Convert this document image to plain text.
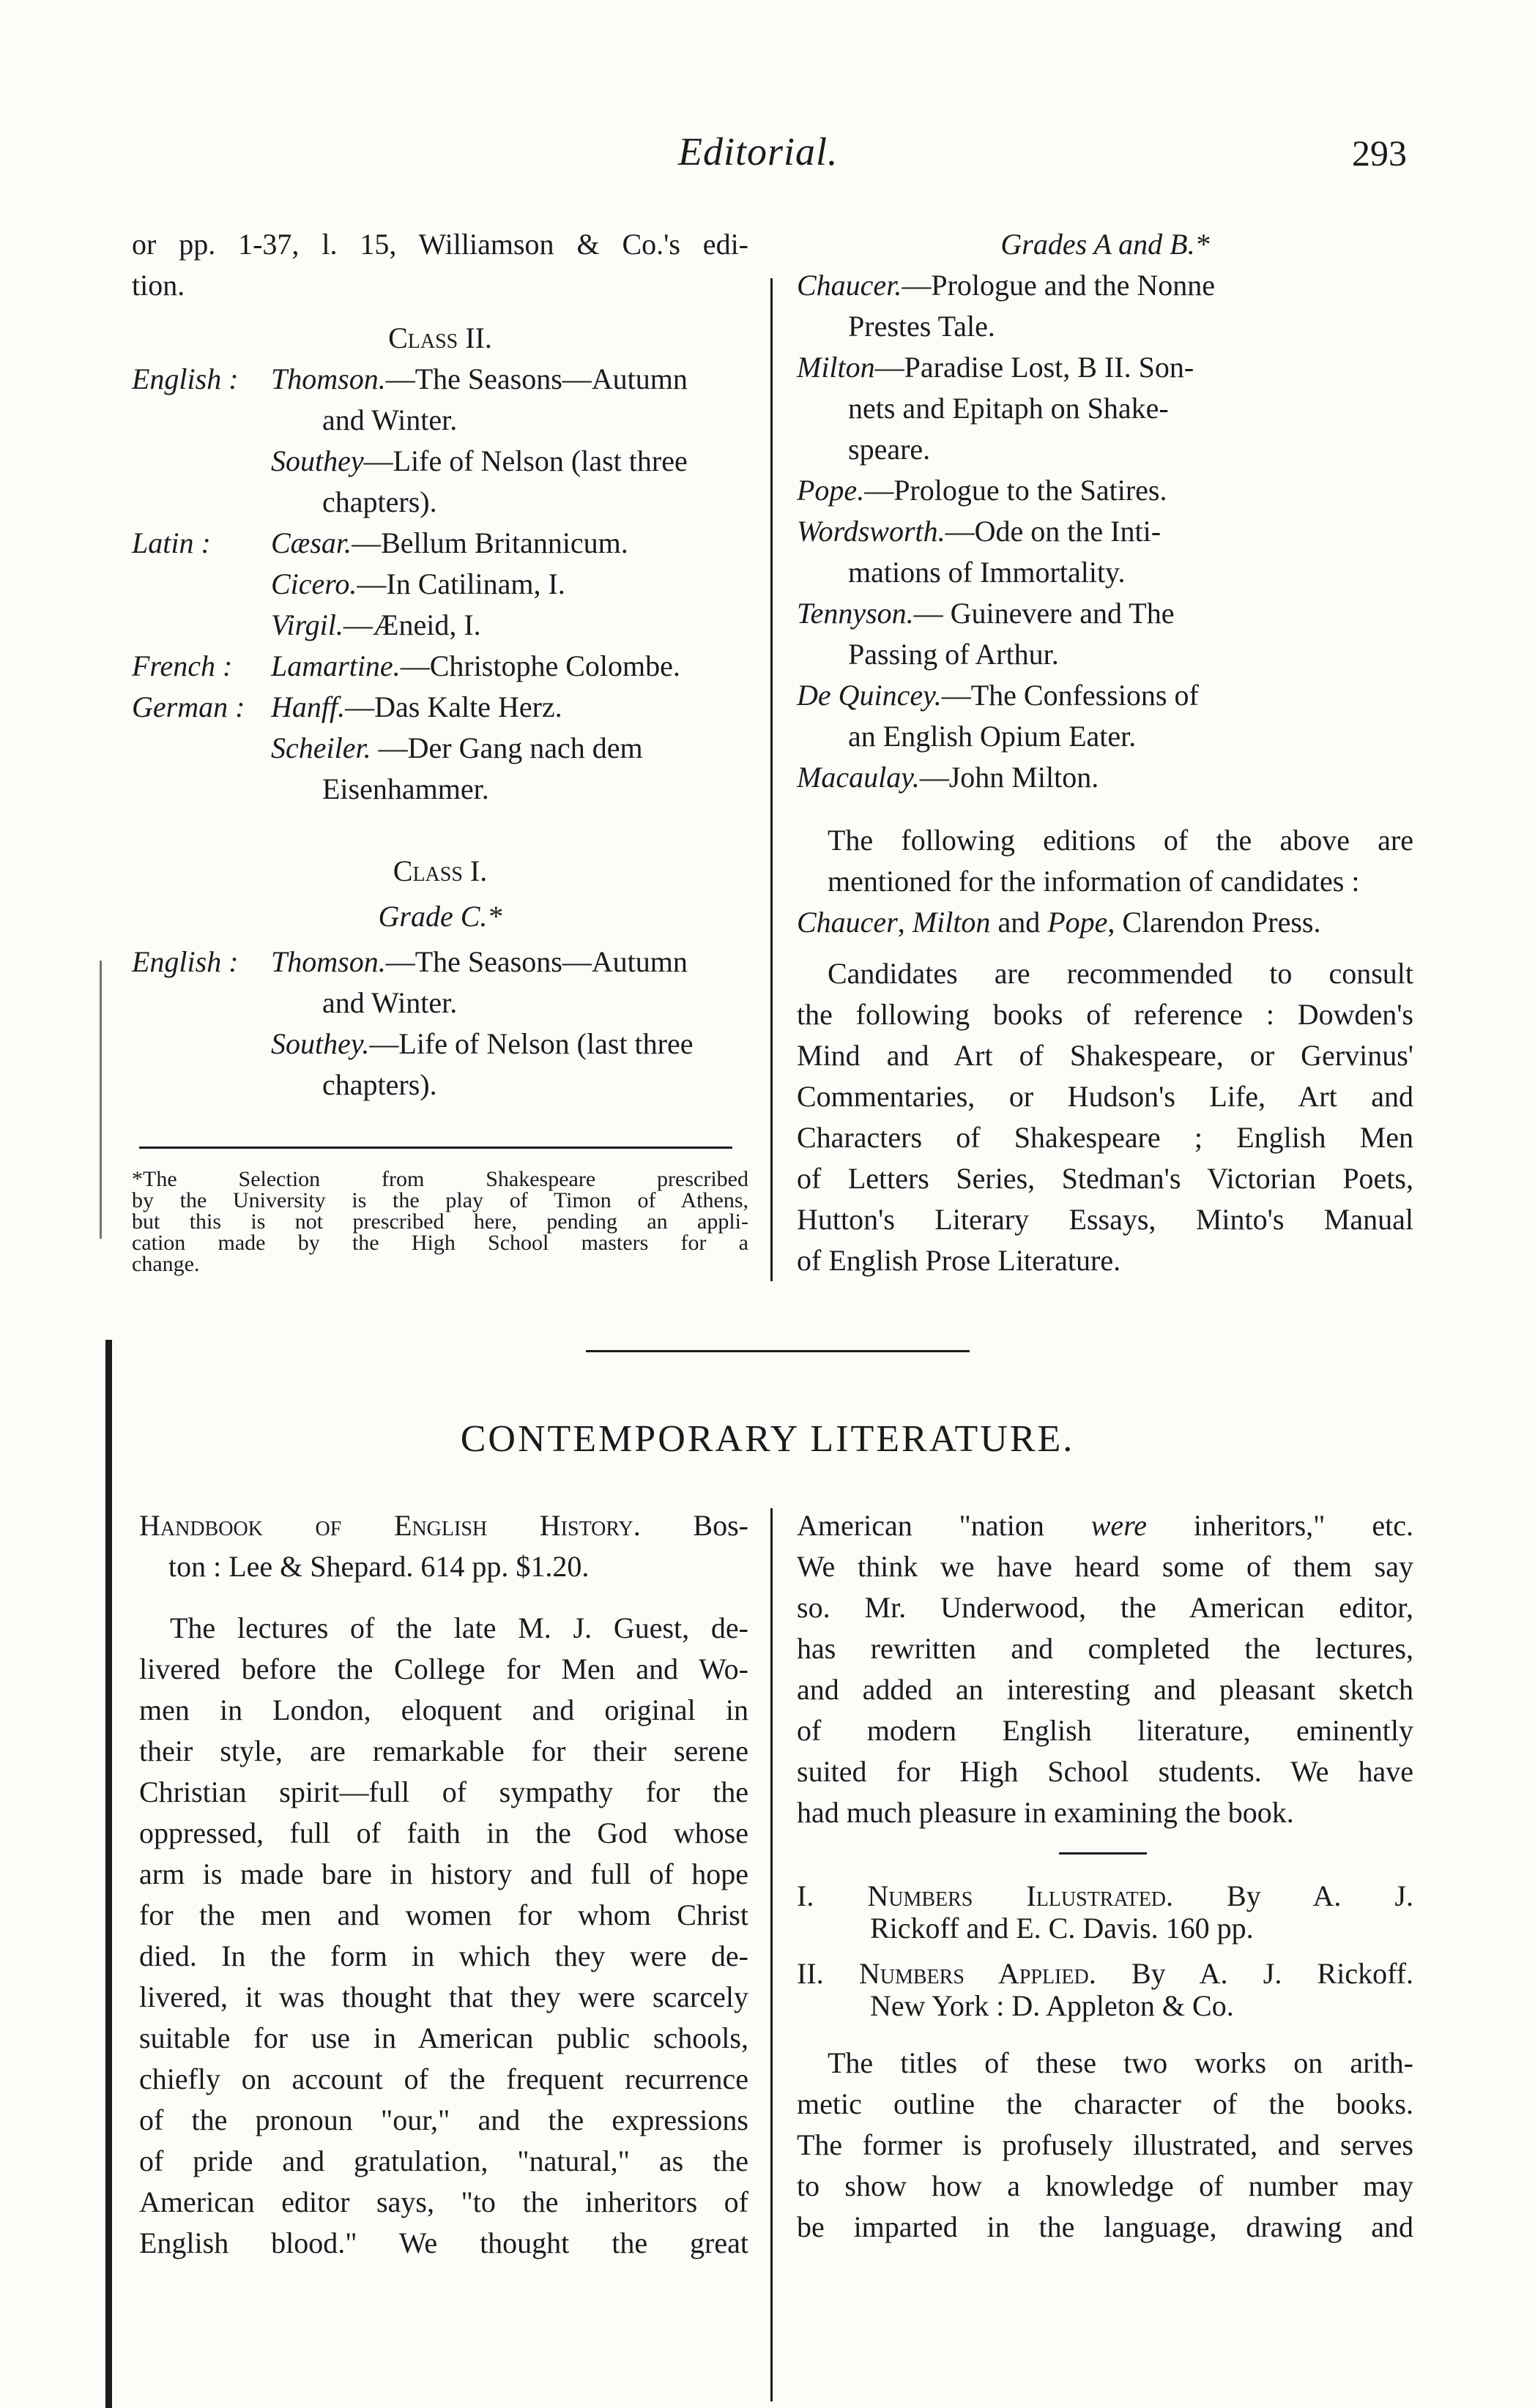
Editorial.	293
or pp. 1-37, l. 15, Williamson & Co.'s edi-
tion.
Class II.
English : Thomson.—The Seasons—Autumn
and Winter.
Southey—Life of Nelson (last three
chapters).
Latin : Cæsar.—Bellum Britannicum.
Cicero.—In Catilinam, I.
Virgil.—Æneid, I.
French : Lamartine.—Christophe Colombe.
German : Hanff.—Das Kalte Herz.
Scheiler. —Der Gang nach dem
Eisenhammer.
Class I.
Grade C.*
English : Thomson.—The Seasons—Autumn
and Winter.
Southey.—Life of Nelson (last three
chapters).
*The Selection from Shakespeare prescribed
by the University is the play of Timon of Athens,
but this is not prescribed here, pending an appli-
cation made by the High School masters for a
change.
Grades A and B.*
Chaucer.—Prologue and the Nonne
Prestes Tale.
Milton—Paradise Lost, B II. Son-
nets and Epitaph on Shake-
speare.
Pope.—Prologue to the Satires.
Wordsworth.—Ode on the Inti-
mations of Immortality.
Tennyson.— Guinevere and The
Passing of Arthur.
De Quincey.—The Confessions of
an English Opium Eater.
Macaulay.—John Milton.
The following editions of the above are
mentioned for the information of candidates :
Chaucer, Milton and Pope, Clarendon Press.
Candidates are recommended to consult
the following books of reference : Dowden's
Mind and Art of Shakespeare, or Gervinus'
Commentaries, or Hudson's Life, Art and
Characters of Shakespeare ; English Men
of Letters Series, Stedman's Victorian Poets,
Hutton's Literary Essays, Minto's Manual
of English Prose Literature.
CONTEMPORARY LITERATURE.
Handbook of English History. Bos-
ton : Lee & Shepard. 614 pp. $1.20.
The lectures of the late M. J. Guest, de-
livered before the College for Men and Wo-
men in London, eloquent and original in
their style, are remarkable for their serene
Christian spirit—full of sympathy for the
oppressed, full of faith in the God whose
arm is made bare in history and full of hope
for the men and women for whom Christ
died. In the form in which they were de-
livered, it was thought that they were scarcely
suitable for use in American public schools,
chiefly on account of the frequent recurrence
of the pronoun "our," and the expressions
of pride and gratulation, "natural," as the
American editor says, "to the inheritors of
English blood." We thought the great
American "nation were inheritors," etc.
We think we have heard some of them say
so. Mr. Underwood, the American editor,
has rewritten and completed the lectures,
and added an interesting and pleasant sketch
of modern English literature, eminently
suited for High School students. We have
had much pleasure in examining the book.
I. Numbers Illustrated. By A. J.
Rickoff and E. C. Davis. 160 pp.
II. Numbers Applied. By A. J. Rickoff.
New York : D. Appleton & Co.
The titles of these two works on arith-
metic outline the character of the books.
The former is profusely illustrated, and serves
to show how a knowledge of number may
be imparted in the language, drawing and
